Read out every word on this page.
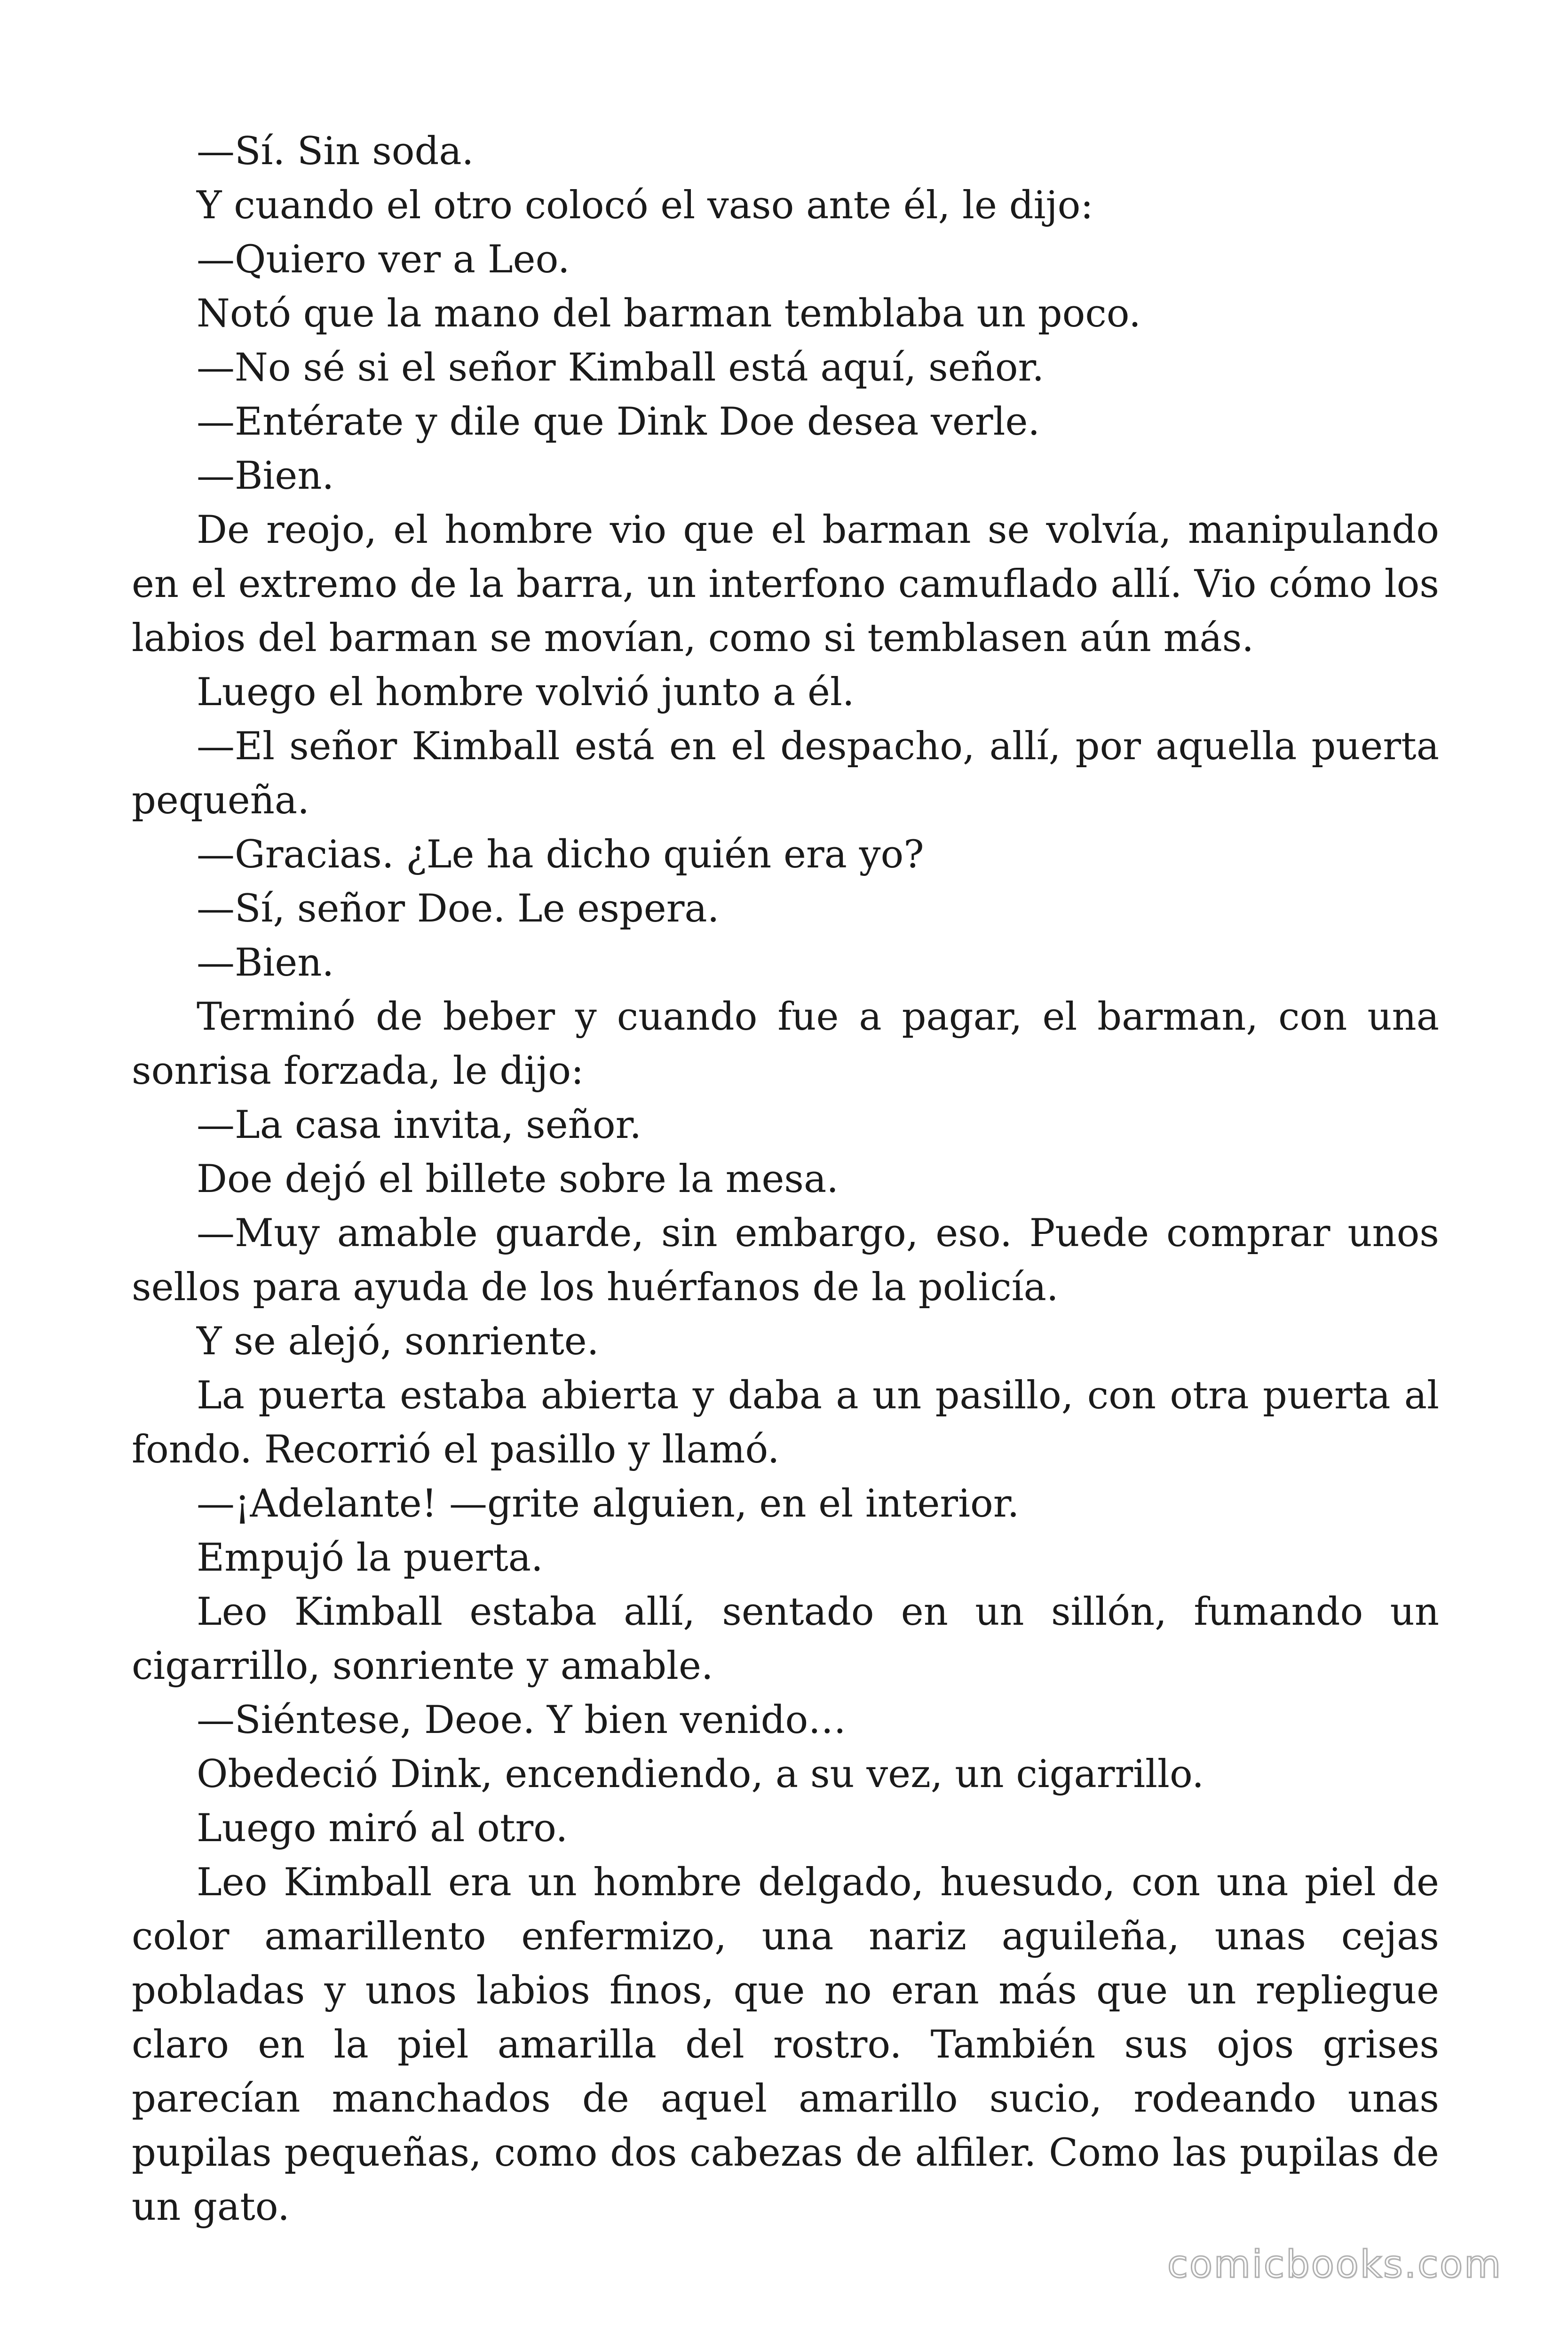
—Sí. Sin soda.

Y cuando el otro colocó el vaso ante él, le dijo:

—Quiero ver a Leo.

Notó que la mano del barman temblaba un poco.

—No sé si el señor Kimball está aquí, señor.

—Entérate y dile que Dink Doe desea verle.

—Bien.

De reojo, el hombre vio que el barman se volvía, manipulando en el extremo de la barra, un interfono camuflado allí. Vio cómo los labios del barman se movían, como si temblasen aún más.

Luego el hombre volvió junto a él.

—El señor Kimball está en el despacho, allí, por aquella puerta pequeña.

—Gracias. ¿Le ha dicho quién era yo?

—Sí, señor Doe. Le espera.

—Bien.

Terminó de beber y cuando fue a pagar, el barman, con una sonrisa forzada, le dijo:

—La casa invita, señor.

Doe dejó el billete sobre la mesa.

—Muy amable guarde, sin embargo, eso. Puede comprar unos sellos para ayuda de los huérfanos de la policía.

Y se alejó, sonriente.

La puerta estaba abierta y daba a un pasillo, con otra puerta al fondo. Recorrió el pasillo y llamó.

—¡Adelante! —grite alguien, en el interior.

Empujó la puerta.

Leo Kimball estaba allí, sentado en un sillón, fumando un cigarrillo, sonriente y amable.

—Siéntese, Deoe. Y bien venido…

Obedeció Dink, encendiendo, a su vez, un cigarrillo.

Luego miró al otro.

Leo Kimball era un hombre delgado, huesudo, con una piel de color amarillento enfermizo, una nariz aguileña, unas cejas pobladas y unos labios finos, que no eran más que un repliegue claro en la piel amarilla del rostro. También sus ojos grises parecían manchados de aquel amarillo sucio, rodeando unas pupilas pequeñas, como dos cabezas de alfiler. Como las pupilas de un gato.

comicbooks.com
